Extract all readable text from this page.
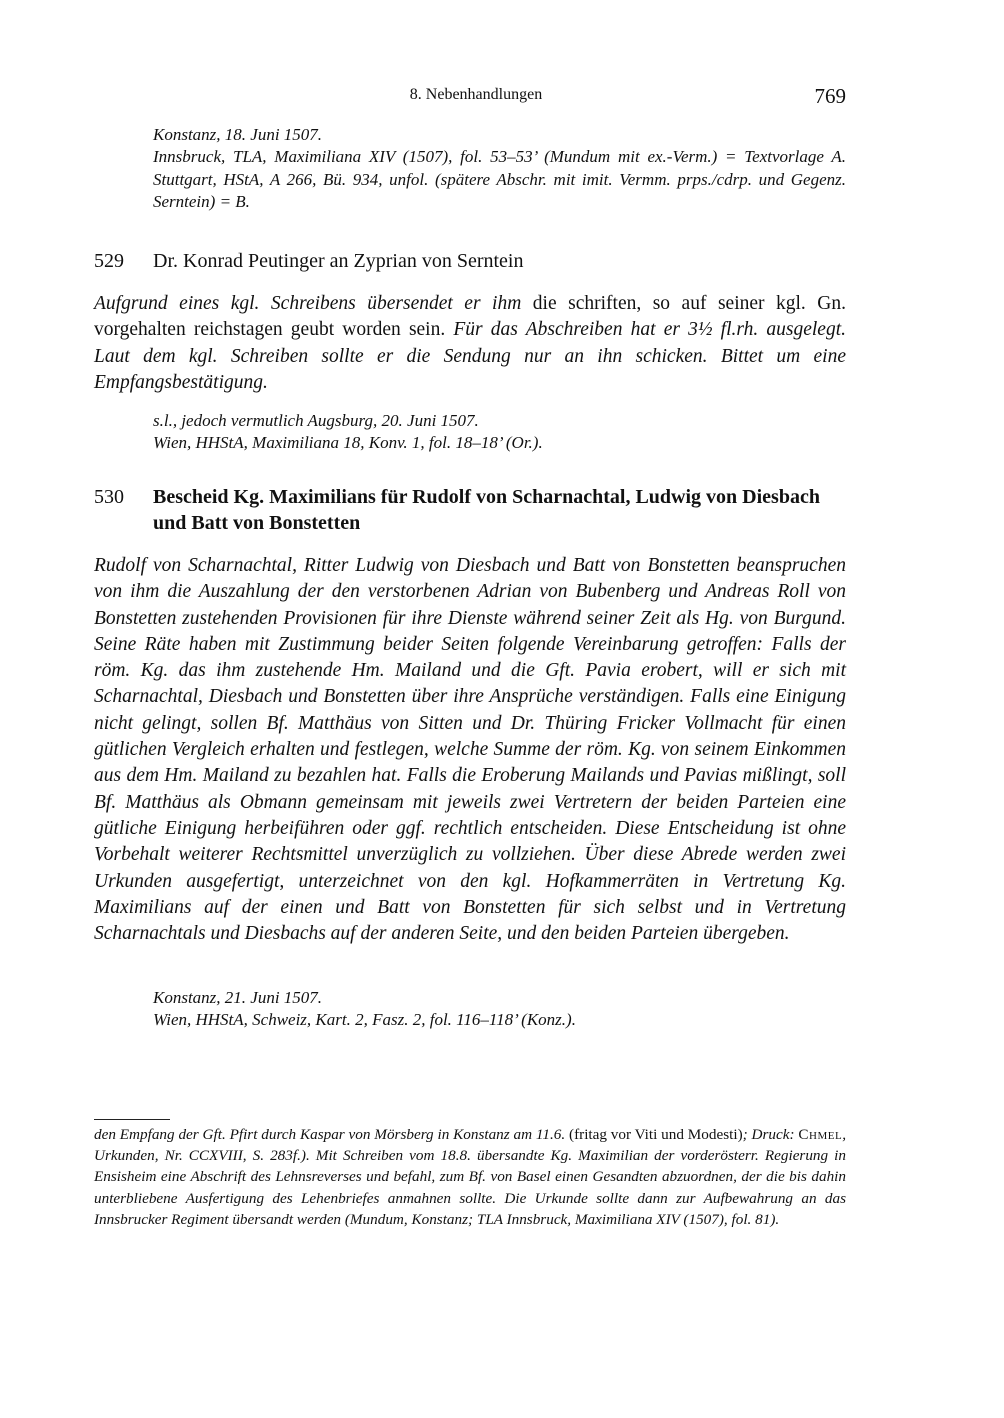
8. Nebenhandlungen	769
Konstanz, 18. Juni 1507.
Innsbruck, TLA, Maximiliana XIV (1507), fol. 53–53’ (Mundum mit ex.-Verm.) = Textvorlage A. Stuttgart, HStA, A 266, Bü. 934, unfol. (spätere Abschr. mit imit. Vermm. prps./cdrp. und Gegenz. Serntein) = B.
529 Dr. Konrad Peutinger an Zyprian von Serntein
Aufgrund eines kgl. Schreibens übersendet er ihm die schriften, so auf seiner kgl. Gn. vorgehalten reichstagen geubt worden sein. Für das Abschreiben hat er 3½ fl.rh. ausgelegt. Laut dem kgl. Schreiben sollte er die Sendung nur an ihn schicken. Bittet um eine Empfangsbestätigung.
s.l., jedoch vermutlich Augsburg, 20. Juni 1507.
Wien, HHStA, Maximiliana 18, Konv. 1, fol. 18–18’ (Or.).
530 Bescheid Kg. Maximilians für Rudolf von Scharnachtal, Ludwig von Diesbach
und Batt von Bonstetten
Rudolf von Scharnachtal, Ritter Ludwig von Diesbach und Batt von Bonstetten beanspruchen von ihm die Auszahlung der den verstorbenen Adrian von Bubenberg und Andreas Roll von Bonstetten zustehenden Provisionen für ihre Dienste während seiner Zeit als Hg. von Burgund. Seine Räte haben mit Zustimmung beider Seiten folgende Vereinbarung getroffen: Falls der röm. Kg. das ihm zustehende Hm. Mailand und die Gft. Pavia erobert, will er sich mit Scharnachtal, Diesbach und Bonstetten über ihre Ansprüche verständigen. Falls eine Einigung nicht gelingt, sollen Bf. Matthäus von Sitten und Dr. Thüring Fricker Vollmacht für einen gütlichen Vergleich erhalten und festlegen, welche Summe der röm. Kg. von seinem Einkommen aus dem Hm. Mailand zu bezahlen hat. Falls die Eroberung Mailands und Pavias mißlingt, soll Bf. Matthäus als Obmann gemeinsam mit jeweils zwei Vertretern der beiden Parteien eine gütliche Einigung herbeiführen oder ggf. rechtlich entscheiden. Diese Entscheidung ist ohne Vorbehalt weiterer Rechtsmittel unverzüglich zu vollziehen. Über diese Abrede werden zwei Urkunden ausgefertigt, unterzeichnet von den kgl. Hofkammerräten in Vertretung Kg. Maximilians auf der einen und Batt von Bonstetten für sich selbst und in Vertretung Scharnachtals und Diesbachs auf der anderen Seite, und den beiden Parteien übergeben.
Konstanz, 21. Juni 1507.
Wien, HHStA, Schweiz, Kart. 2, Fasz. 2, fol. 116–118’ (Konz.).
den Empfang der Gft. Pfirt durch Kaspar von Mörsberg in Konstanz am 11.6. (fritag vor Viti und Modesti); Druck: Chmel, Urkunden, Nr. CCXVIII, S. 283f.). Mit Schreiben vom 18.8. übersandte Kg. Maximilian der vorderösterr. Regierung in Ensisheim eine Abschrift des Lehnsreverses und befahl, zum Bf. von Basel einen Gesandten abzuordnen, der die bis dahin unterbliebene Ausfertigung des Lehenbriefes anmahnen sollte. Die Urkunde sollte dann zur Aufbewahrung an das Innsbrucker Regiment übersandt werden (Mundum, Konstanz; TLA Innsbruck, Maximiliana XIV (1507), fol. 81).
